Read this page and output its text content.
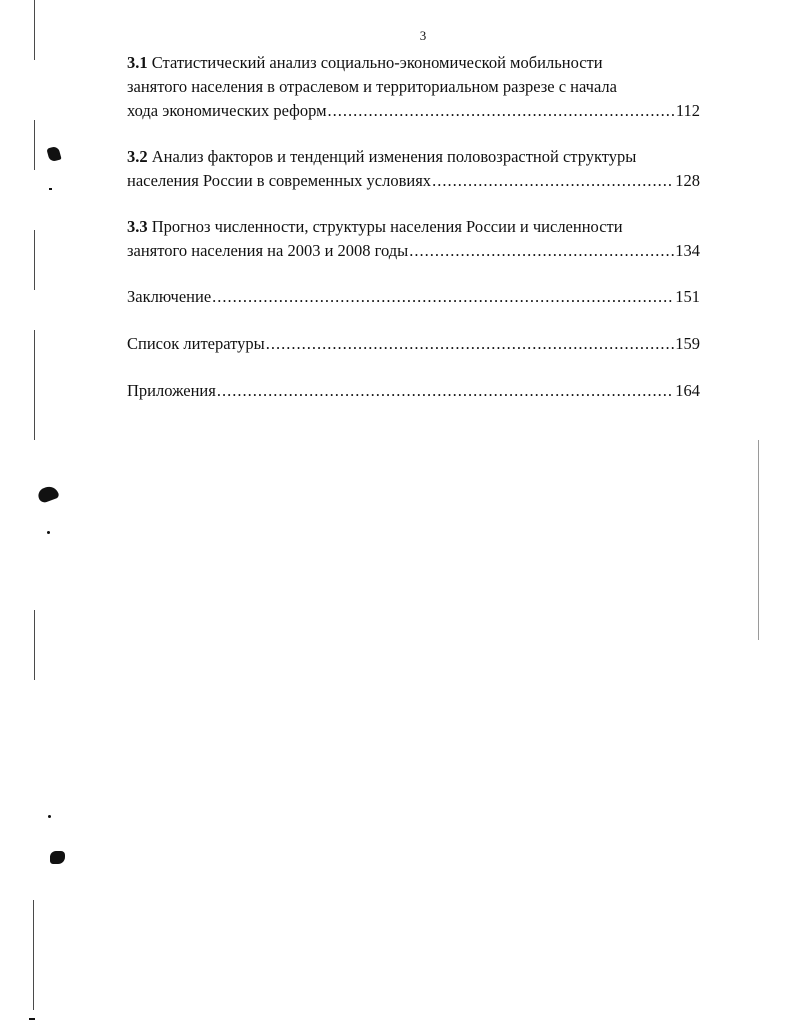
3
3.1 Статистический анализ социально-экономической мобильности
занятого населения в отраслевом и территориальном разрезе с начала
хода экономических реформ .....	112
3.2 Анализ факторов и тенденций изменения половозрастной структуры
населения России в современных условиях .....	128
3.3 Прогноз численности, структуры населения России и численности
занятого населения на 2003 и 2008 годы .....	134
Заключение .....	151
Список литературы .....	159
Приложения .....	164
